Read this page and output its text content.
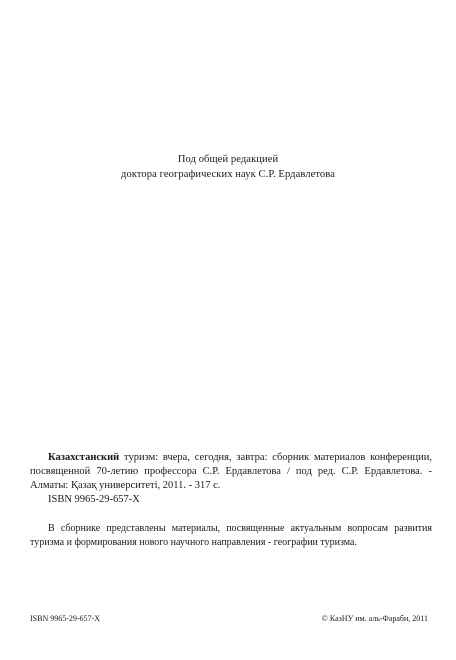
Под общей редакцией
доктора географических наук С.Р. Ердавлетова

Казахстанский туризм: вчера, сегодня, завтра: сборник материалов конференции, посвященной 70-летию профессора С.Р. Ердавлетова / под ред. С.Р. Ердавлетова. - Алматы: Қазақ университеті, 2011. - 317 с.

ISBN 9965-29-657-X

В сборнике представлены материалы, посвященные актуальным вопросам развития туризма и формирования нового научного направления - географии туризма.

ISBN 9965-29-657-X	© КазНУ им. аль-Фараби, 2011
